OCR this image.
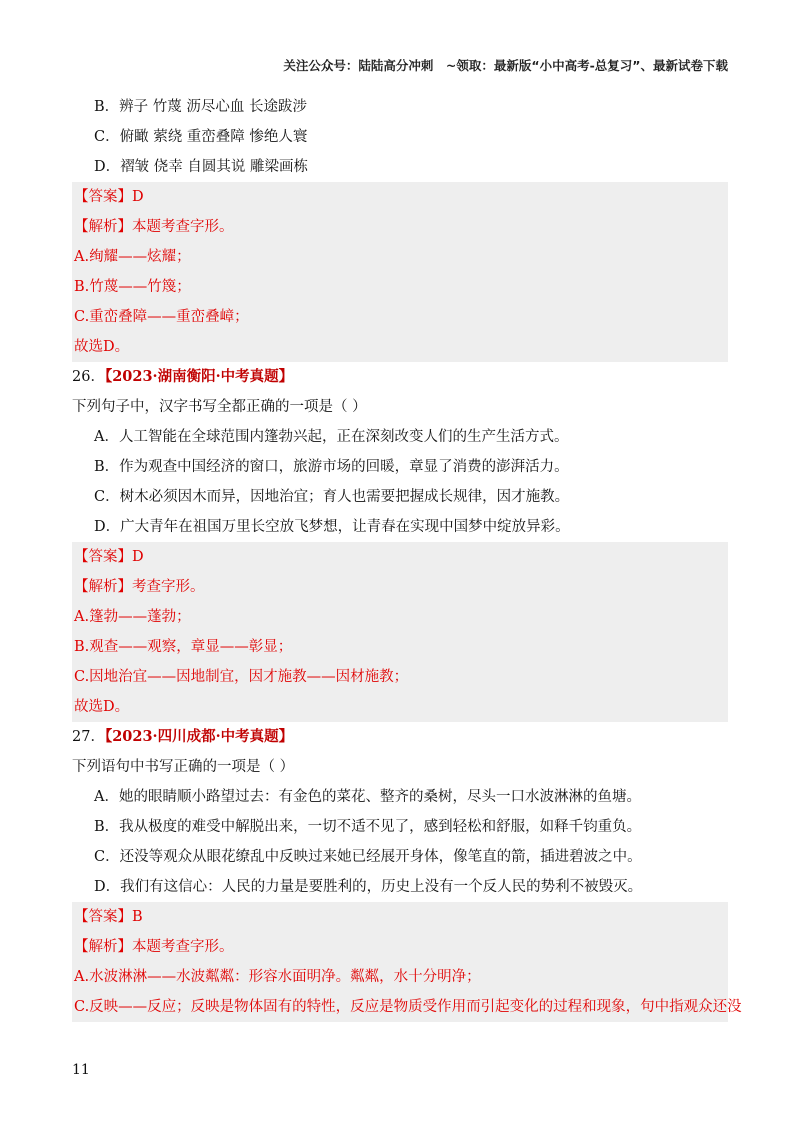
关注公众号：陆陆高分冲刺　~领取：最新版“小中高考-总复习”、最新试卷下载
B．辨子 竹蔑 沥尽心血 长途跋涉
C．俯瞰 萦绕 重峦叠障 惨绝人寰
D．褶皱 侥幸 自圆其说 雕梁画栋
【答案】D
【解析】本题考查字形。
A.绚耀——炫耀；
B.竹蔑——竹篾；
C.重峦叠障——重峦叠嶂；
故选D。
26．【2023·湖南衡阳·中考真题】
下列句子中，汉字书写全都正确的一项是（ ）
A．人工智能在全球范围内篷勃兴起，正在深刻改变人们的生产生活方式。
B．作为观查中国经济的窗口，旅游市场的回暖，章显了消费的澎湃活力。
C．树木必须因木而异，因地治宜；育人也需要把握成长规律，因才施教。
D．广大青年在祖国万里长空放飞梦想，让青春在实现中国梦中绽放异彩。
【答案】D
【解析】考查字形。
A.篷勃——蓬勃；
B.观查——观察，章显——彰显；
C.因地治宜——因地制宜，因才施教——因材施教；
故选D。
27．【2023·四川成都·中考真题】
下列语句中书写正确的一项是（ ）
A．她的眼睛顺小路望过去：有金色的菜花、整齐的桑树，尽头一口水波淋淋的鱼塘。
B．我从极度的难受中解脱出来，一切不适不见了，感到轻松和舒服，如释千钧重负。
C．还没等观众从眼花缭乱中反映过来她已经展开身体，像笔直的箭，插进碧波之中。
D．我们有这信心：人民的力量是要胜利的，历史上没有一个反人民的势利不被毁灭。
【答案】B
【解析】本题考查字形。
A.水波淋淋——水波粼粼：形容水面明净。粼粼，水十分明净；
C.反映——反应；反映是物体固有的特性，反应是物质受作用而引起变化的过程和现象，句中指观众还没
11
